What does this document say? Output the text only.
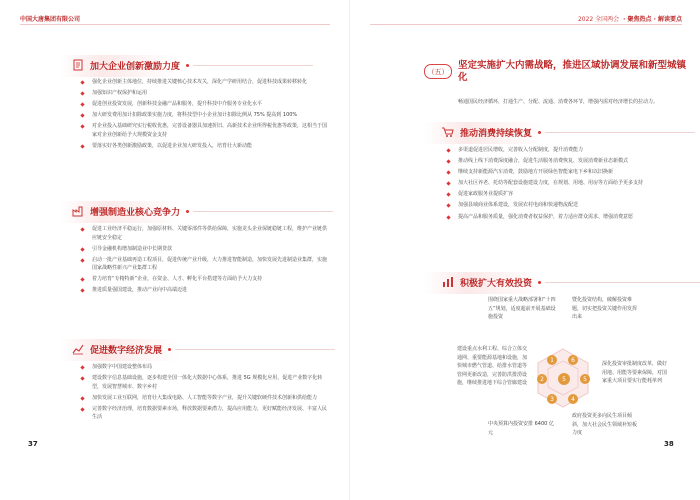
中国大唐集团有限公司
加大企业创新激励力度
强化企业创新主体地位，持续推进关键核心技术攻关，深化产学研用结合，促进科技成果转移转化
加强知识产权保护和运用
促进创业投资发展，创新科技金融产品和服务，提升科技中介服务专业化水平
加大研发费用加计扣除政策实施力度，将科技型中小企业加计扣除比例从 75% 提高到 100%
对企业投入基础研究实行税收优惠，完善设备器具加速折旧、高新技术企业所得税优惠等政策，这相当于国家对企业创新给予大规模资金支持
要落实好各类创新激励政策，以促进企业加大研发投入，培育壮大新动能
增强制造业核心竞争力
促进工业经济平稳运行，加强原材料、关键零部件等供给保障，实施龙头企业保链稳链工程，维护产业链供应链安全稳定
引导金融机构增加制造业中长期贷款
启动一批产业基础再造工程项目，促进传统产业升级，大力推进智能制造，加快发展先进制造业集群，实施国家战略性新兴产业集群工程
着力培育“专精特新”企业，在资金、人才、孵化平台搭建等方面给予大力支持
推进质量强国建设，推动产业向中高端迈进
促进数字经济发展
加强数字中国建设整体布局
建设数字信息基础设施，逐步构建全国一体化大数据中心体系，推进 5G 规模化应用，促进产业数字化转型，发展智慧城市、数字乡村
加快发展工业互联网，培育壮大集成电路、人工智能等数字产业，提升关键软硬件技术创新和供给能力
完善数字经济治理，培育数据要素市场，释放数据要素潜力，提高应用能力，更好赋能经济发展、丰富人民生活
37
2022 全国两会 · 聚焦热点 · 解读要点
（五）
坚定实施扩大内需战略，推进区域协调发展和新型城镇化
畅通国民经济循环，打通生产、分配、流通、消费各环节，增强内需对经济增长的拉动力。
推动消费持续恢复
多渠道促进居民增收，完善收入分配制度，提升消费能力
推动线上线下消费深度融合，促进生活服务消费恢复，发展消费新业态新模式
继续支持新能源汽车消费，鼓励地方开展绿色智能家电下乡和以旧换新
加大社区养老、托幼等配套设施建设力度，在规划、用地、用房等方面给予更多支持
促进家政服务业提质扩容
加强县域商业体系建设，发展农村电商和快递物流配送
提高产品和服务质量，强化消费者权益保护，着力适应群众需求、增强消费意愿
积极扩大有效投资
5
1	6
2	5
3	4
围绕国家重大战略部署和“十四五”规划，适度超前开展基础设施投资
暨化投资结构，破解投资难题，切实把投资关键作用发挥出来
建设重点水利工程、综合立体交通网、重要能源基地和设施，加快城市燃气管道、给排水管道等管网更新改造，完善防洪排涝设施，继续推进地下综合管廊建设
深化投资审批制度改革，做好用地、用能等要素保障，对国家重大项目要实行能耗单列
中央预算内投资安排 6400 亿元
政府投资更多向民生项目倾斜，加大社会民生领域补短板力度
38
